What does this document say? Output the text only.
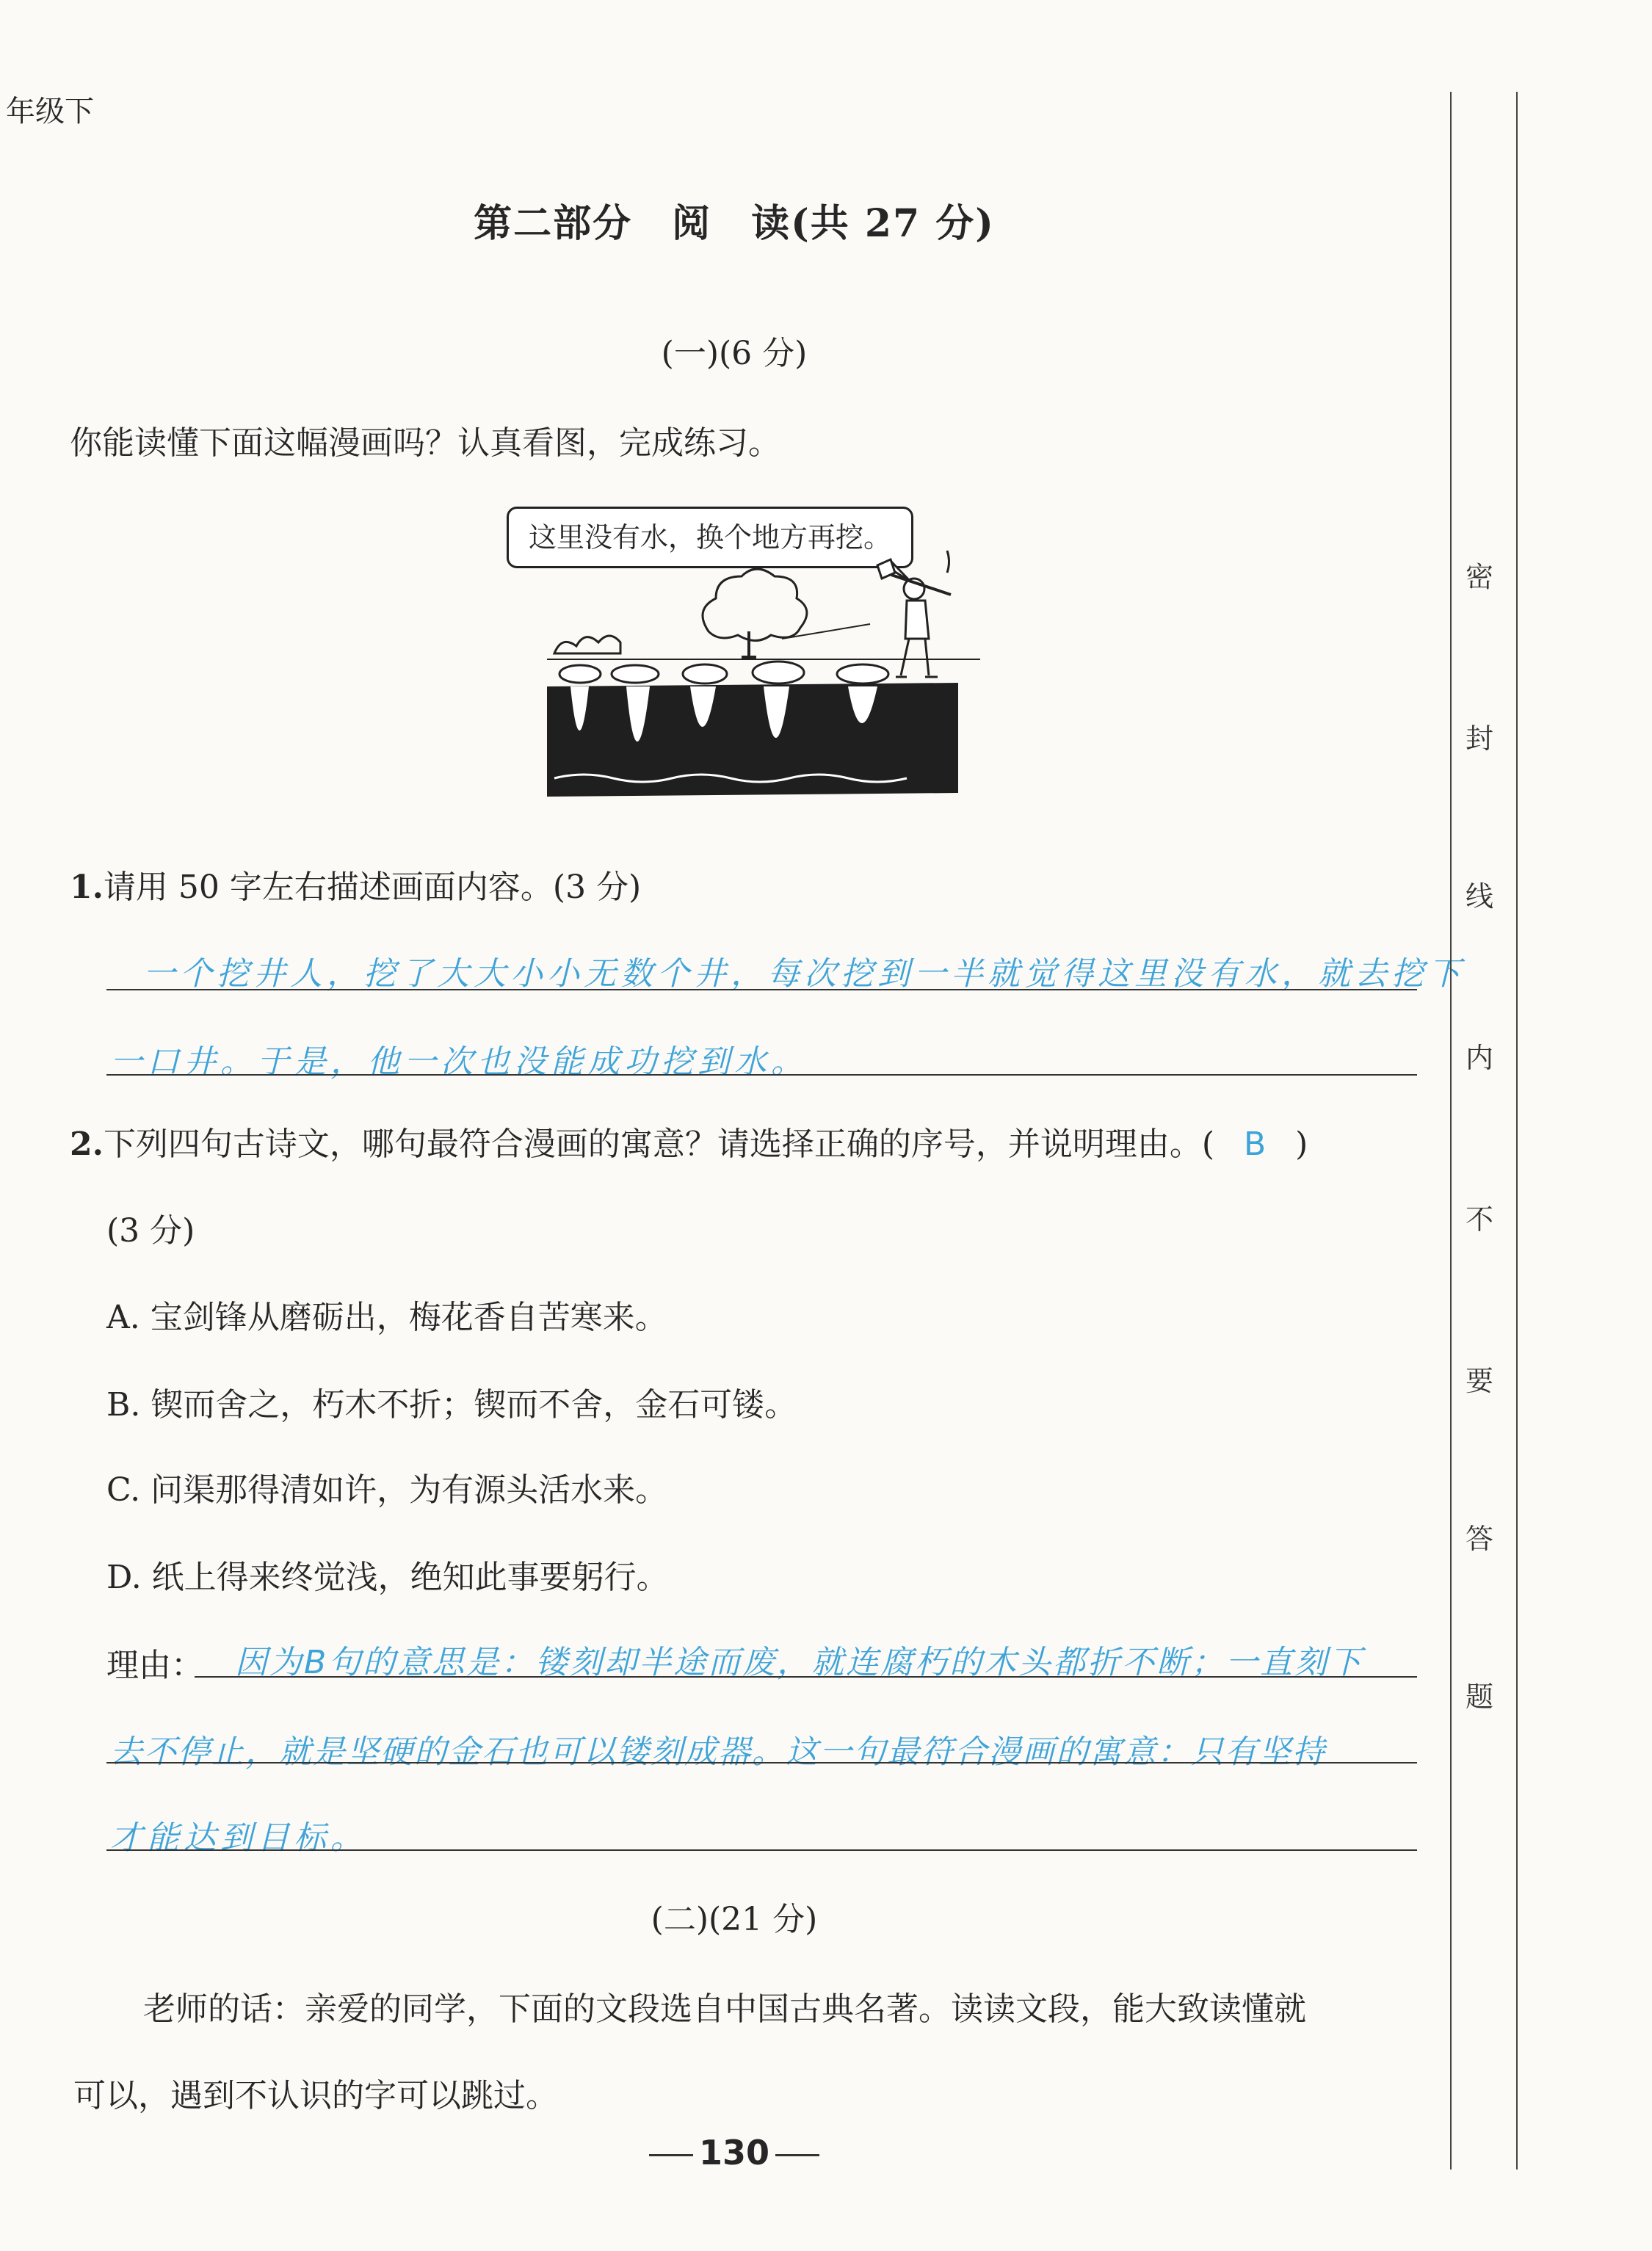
年级下
第二部分　阅　读(共 27 分)
(一)(6 分)
你能读懂下面这幅漫画吗？认真看图，完成练习。
这里没有水，换个地方再挖。
1.请用 50 字左右描述画面内容。(3 分)
一个挖井人，挖了大大小小无数个井，每次挖到一半就觉得这里没有水，就去挖下
一口井。于是，他一次也没能成功挖到水。
2.下列四句古诗文，哪句最符合漫画的寓意？请选择正确的序号，并说明理由。( B )
(3 分)
A. 宝剑锋从磨砺出，梅花香自苦寒来。
B. 锲而舍之，朽木不折；锲而不舍，金石可镂。
C. 问渠那得清如许，为有源头活水来。
D. 纸上得来终觉浅，绝知此事要躬行。
理由： 因为B句的意思是：镂刻却半途而废，就连腐朽的木头都折不断；一直刻下
去不停止，就是坚硬的金石也可以镂刻成器。这一句最符合漫画的寓意：只有坚持
才能达到目标。
(二)(21 分)
老师的话：亲爱的同学，下面的文段选自中国古典名著。读读文段，能大致读懂就
可以，遇到不认识的字可以跳过。
130
密
封
线
内
不
要
答
题
